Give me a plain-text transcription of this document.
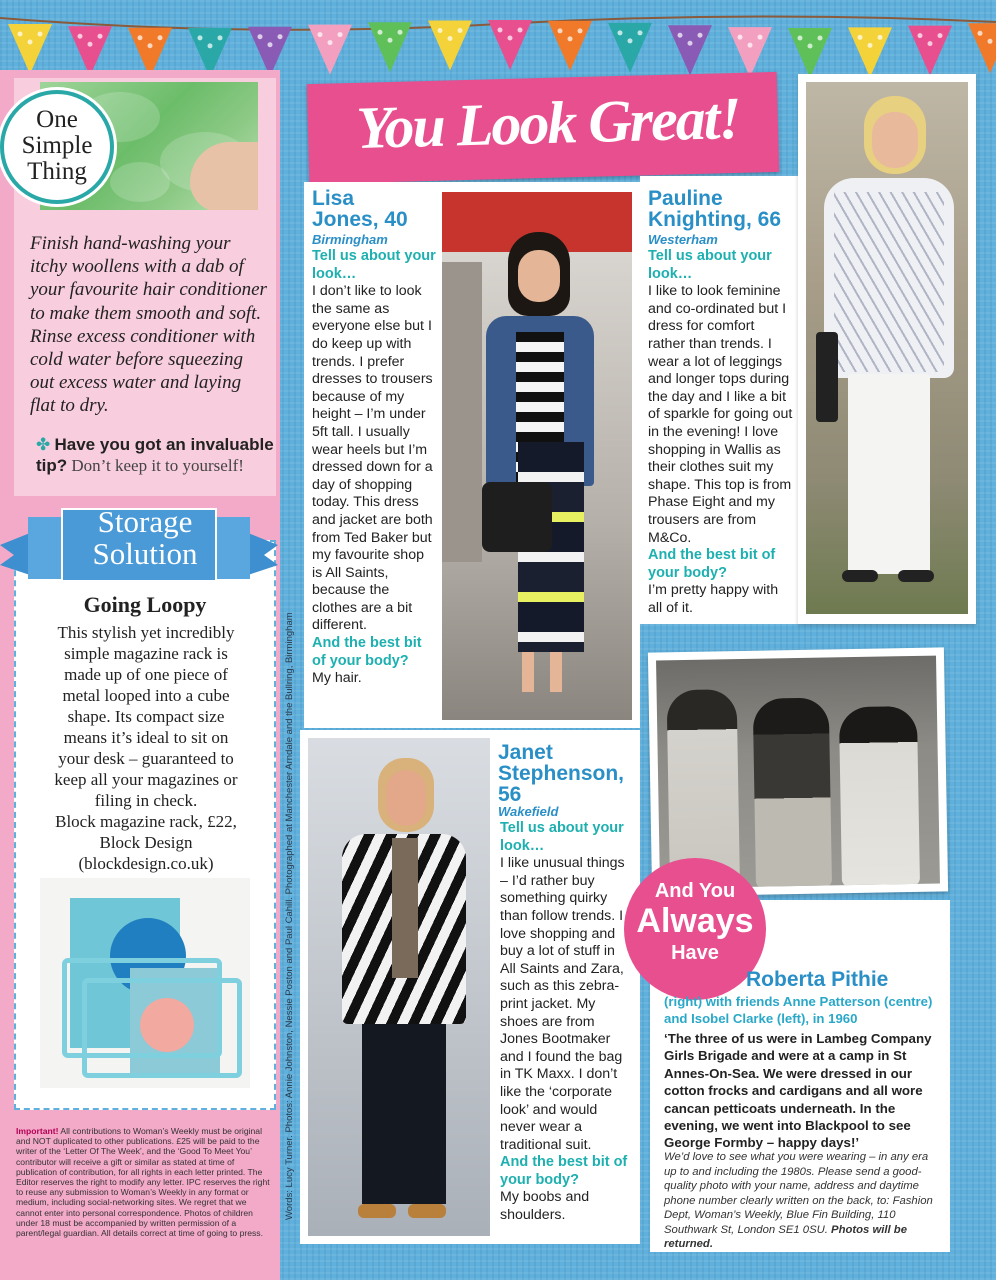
One
Simple
Thing
Finish hand-washing your itchy woollens with a dab of your favourite hair conditioner to make them smooth and soft. Rinse excess conditioner with cold water before squeezing out excess water and laying flat to dry.
✤ Have you got an invaluable tip? Don’t keep it to yourself!
Storage
Solution
Going Loopy
This stylish yet incredibly simple magazine rack is made up of one piece of metal looped into a cube shape. Its compact size means it’s ideal to sit on your desk – guaranteed to keep all your magazines or filing in check.
Block magazine rack, £22, Block Design (blockdesign.co.uk)
Important! All contributions to Woman’s Weekly must be original and NOT duplicated to other publications. £25 will be paid to the writer of the ‘Letter Of The Week’, and the ‘Good To Meet You’ contributor will receive a gift or similar as stated at time of publication of contribution, for all rights in each letter printed. The Editor reserves the right to modify any letter. IPC reserves the right to reuse any submission to Woman’s Weekly in any format or medium, including social-networking sites. We regret that we cannot enter into personal correspondence. Photos of children under 18 must be accompanied by written permission of a parent/legal guardian. All details correct at time of going to press.
Words: Lucy Turner. Photos: Annie Johnston, Nessie Poston and Paul Cahill. Photographed at Manchester Arndale and the Bullring, Birmingham
You Look Great!
Lisa
Jones, 40
Birmingham
Tell us about your look…
I don’t like to look the same as everyone else but I do keep up with trends. I prefer dresses to trousers because of my height – I’m under 5ft tall. I usually wear heels but I’m dressed down for a day of shopping today. This dress and jacket are both from Ted Baker but my favourite shop is All Saints, because the clothes are a bit different.
And the best bit of your body?
My hair.
Pauline
Knighting, 66
Westerham
Tell us about your look…
I like to look feminine and co-ordinated but I dress for comfort rather than trends. I wear a lot of leggings and longer tops during the day and I like a bit of sparkle for going out in the evening! I love shopping in Wallis as their clothes suit my shape. This top is from Phase Eight and my trousers are from M&Co.
And the best bit of your body?
I’m pretty happy with all of it.
Janet
Stephenson,
56
Wakefield
Tell us about your look…
I like unusual things – I’d rather buy something quirky than follow trends. I love shopping and buy a lot of stuff in All Saints and Zara, such as this zebra-print jacket. My shoes are from Jones Bootmaker and I found the bag in TK Maxx. I don’t like the ‘corporate look’ and would never wear a traditional suit.
And the best bit of your body?
My boobs and shoulders.
And You
Always
Have
Roberta Pithie
(right) with friends Anne Patterson (centre) and Isobel Clarke (left), in 1960
‘The three of us were in Lambeg Company Girls Brigade and were at a camp in St Annes-On-Sea. We were dressed in our cotton frocks and cardigans and all wore cancan petticoats underneath. In the evening, we went into Blackpool to see George Formby – happy days!’
We’d love to see what you were wearing – in any era up to and including the 1980s. Please send a good-quality photo with your name, address and daytime phone number clearly written on the back, to: Fashion Dept, Woman’s Weekly, Blue Fin Building, 110 Southwark St, London SE1 0SU. Photos will be returned.
